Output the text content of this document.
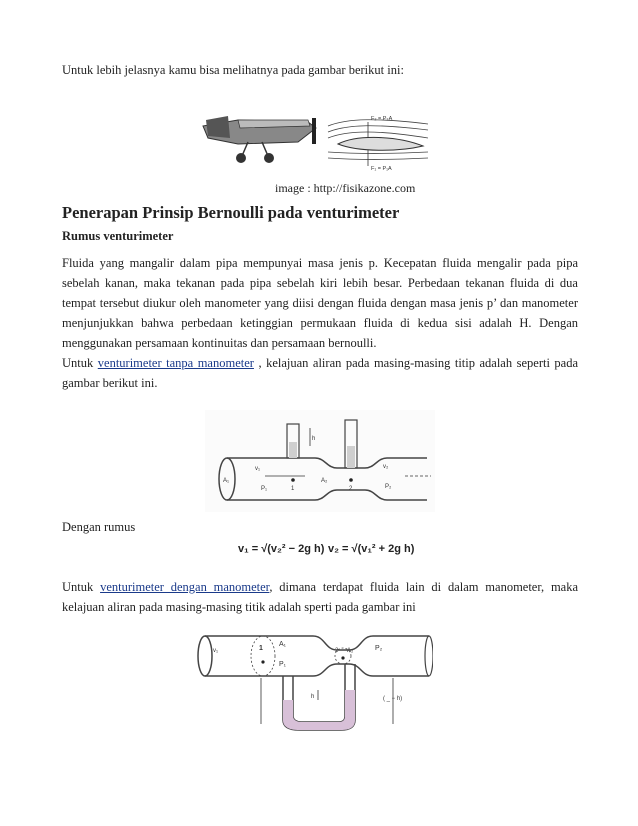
Untuk lebih jelasnya kamu bisa melihatnya pada gambar berikut ini:
F₂ = P₂A
F₁ = P₁A
image : http://fisikazone.com
Penerapan Prinsip Bernoulli pada venturimeter
Rumus venturimeter
Fluida yang mangalir dalam pipa mempunyai masa jenis p. Kecepatan fluida mengalir pada pipa sebelah kanan, maka tekanan pada pipa sebelah kiri lebih besar. Perbedaan tekanan fluida di dua tempat tersebut diukur oleh manometer yang diisi dengan fluida dengan masa jenis p’ dan manometer menjunjukkan bahwa perbedaan ketinggian permukaan fluida di kedua sisi adalah H. Dengan menggunakan persamaan kontinuitas dan persamaan bernoulli.
Untuk venturimeter tanpa manometer , kelajuan aliran pada masing-masing titip adalah seperti pada gambar berikut ini.
h
v₁	v₂
A₁	A₂
P₁	P₂
1	2
Dengan rumus
v₁ = √(v₂² − 2g h) v₂ = √(v₁² + 2g h)
Untuk venturimeter dengan manometer, dimana terdapat fluida lain di dalam manometer, maka kelajuan aliran pada masing-masing titik adalah sperti pada gambar ini
v₁	1
A₁
P₁
2 A₂	P₂
h	( _ − h)
